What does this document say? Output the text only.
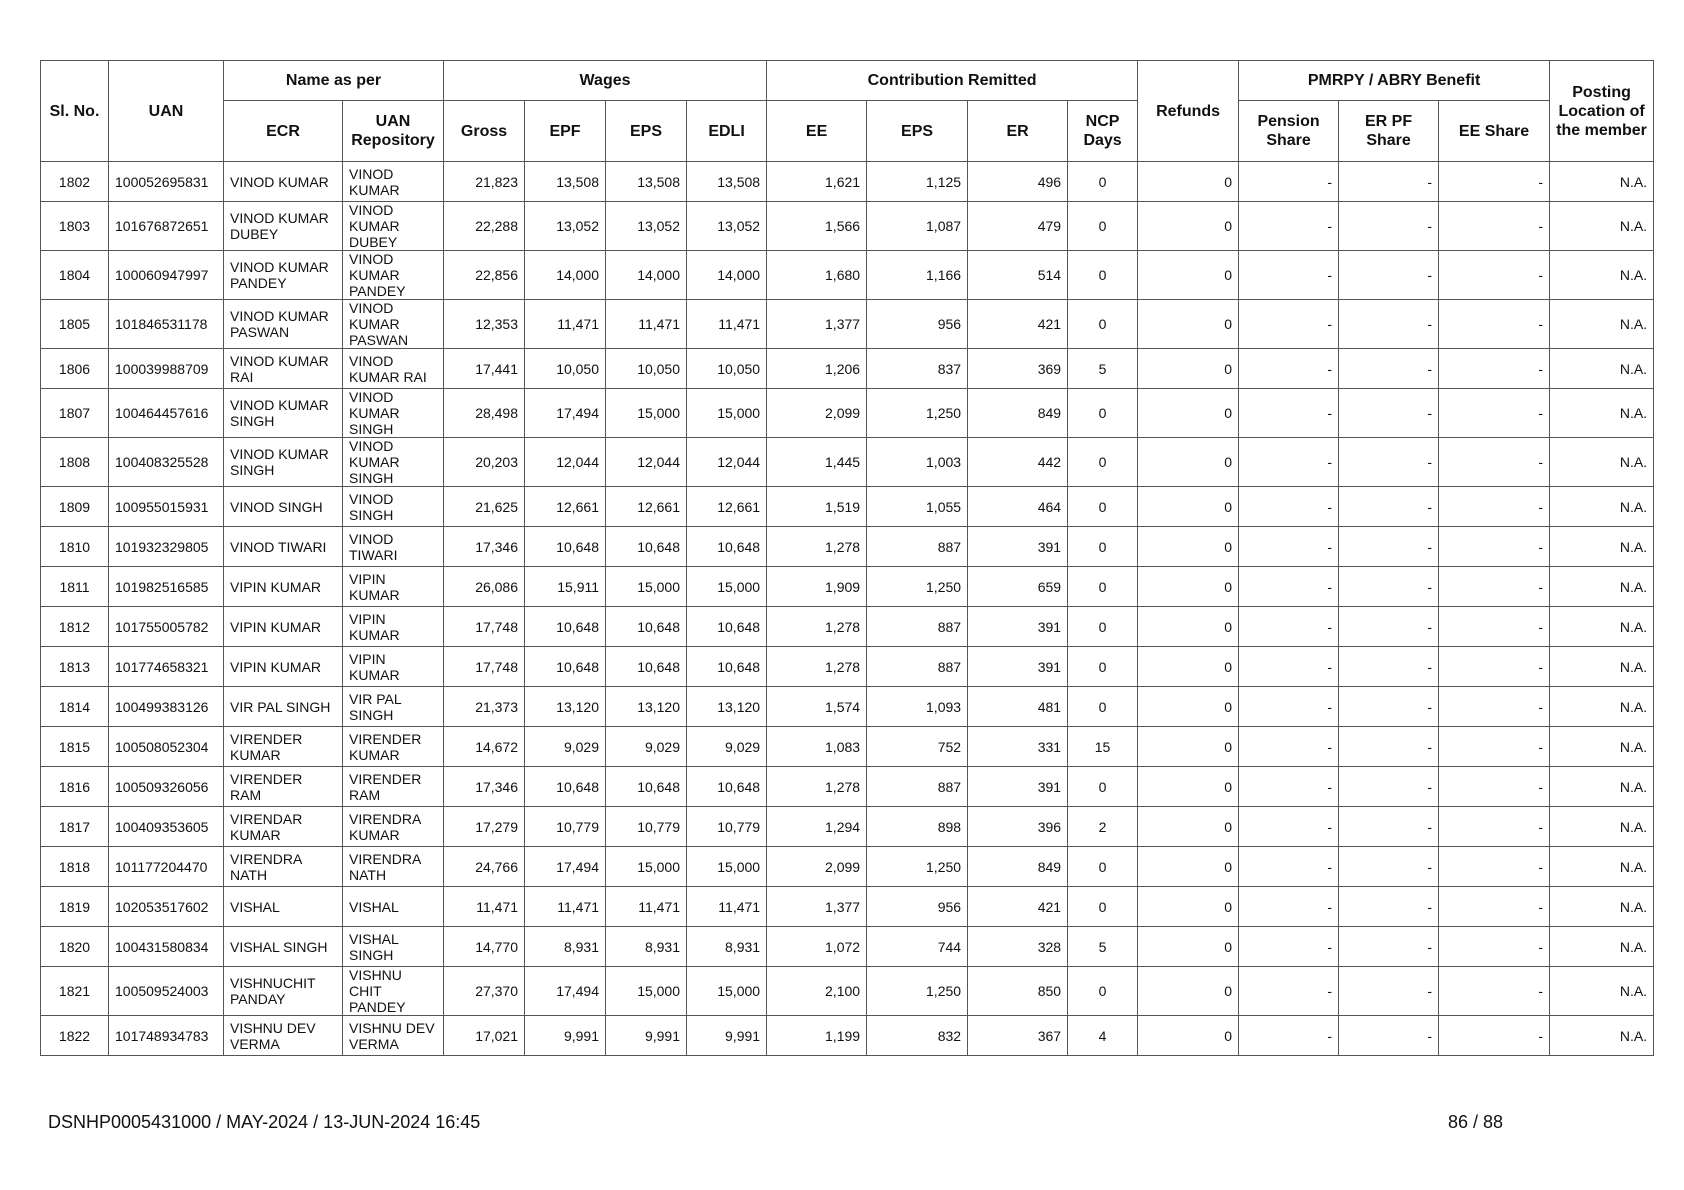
Sl. No.	UAN	Name as per		Wages				Contribution Remitted				Refunds	PMRPY / ABRY Benefit			Posting Location of the member
		ECR	UAN Repository	Gross	EPF	EPS	EDLI	EE	EPS	ER	NCP Days		Pension Share	ER PF Share	EE Share	
1802	100052695831	VINOD KUMAR	VINOD KUMAR	21,823	13,508	13,508	13,508	1,621	1,125	496	0	0	-	-	-	N.A.
1803	101676872651	VINOD KUMAR DUBEY	VINOD KUMAR DUBEY	22,288	13,052	13,052	13,052	1,566	1,087	479	0	0	-	-	-	N.A.
1804	100060947997	VINOD KUMAR PANDEY	VINOD KUMAR PANDEY	22,856	14,000	14,000	14,000	1,680	1,166	514	0	0	-	-	-	N.A.
1805	101846531178	VINOD KUMAR PASWAN	VINOD KUMAR PASWAN	12,353	11,471	11,471	11,471	1,377	956	421	0	0	-	-	-	N.A.
1806	100039988709	VINOD KUMAR RAI	VINOD KUMAR RAI	17,441	10,050	10,050	10,050	1,206	837	369	5	0	-	-	-	N.A.
1807	100464457616	VINOD KUMAR SINGH	VINOD KUMAR SINGH	28,498	17,494	15,000	15,000	2,099	1,250	849	0	0	-	-	-	N.A.
1808	100408325528	VINOD KUMAR SINGH	VINOD KUMAR SINGH	20,203	12,044	12,044	12,044	1,445	1,003	442	0	0	-	-	-	N.A.
1809	100955015931	VINOD SINGH	VINOD SINGH	21,625	12,661	12,661	12,661	1,519	1,055	464	0	0	-	-	-	N.A.
1810	101932329805	VINOD TIWARI	VINOD TIWARI	17,346	10,648	10,648	10,648	1,278	887	391	0	0	-	-	-	N.A.
1811	101982516585	VIPIN KUMAR	VIPIN KUMAR	26,086	15,911	15,000	15,000	1,909	1,250	659	0	0	-	-	-	N.A.
1812	101755005782	VIPIN KUMAR	VIPIN KUMAR	17,748	10,648	10,648	10,648	1,278	887	391	0	0	-	-	-	N.A.
1813	101774658321	VIPIN KUMAR	VIPIN KUMAR	17,748	10,648	10,648	10,648	1,278	887	391	0	0	-	-	-	N.A.
1814	100499383126	VIR PAL SINGH	VIR PAL SINGH	21,373	13,120	13,120	13,120	1,574	1,093	481	0	0	-	-	-	N.A.
1815	100508052304	VIRENDER KUMAR	VIRENDER KUMAR	14,672	9,029	9,029	9,029	1,083	752	331	15	0	-	-	-	N.A.
1816	100509326056	VIRENDER RAM	VIRENDER RAM	17,346	10,648	10,648	10,648	1,278	887	391	0	0	-	-	-	N.A.
1817	100409353605	VIRENDAR KUMAR	VIRENDRA KUMAR	17,279	10,779	10,779	10,779	1,294	898	396	2	0	-	-	-	N.A.
1818	101177204470	VIRENDRA NATH	VIRENDRA NATH	24,766	17,494	15,000	15,000	2,099	1,250	849	0	0	-	-	-	N.A.
1819	102053517602	VISHAL	VISHAL	11,471	11,471	11,471	11,471	1,377	956	421	0	0	-	-	-	N.A.
1820	100431580834	VISHAL SINGH	VISHAL SINGH	14,770	8,931	8,931	8,931	1,072	744	328	5	0	-	-	-	N.A.
1821	100509524003	VISHNUCHIT PANDAY	VISHNU CHIT PANDEY	27,370	17,494	15,000	15,000	2,100	1,250	850	0	0	-	-	-	N.A.
1822	101748934783	VISHNU DEV VERMA	VISHNU DEV VERMA	17,021	9,991	9,991	9,991	1,199	832	367	4	0	-	-	-	N.A.
DSNHP0005431000 / MAY-2024 / 13-JUN-2024 16:45	86 / 88
